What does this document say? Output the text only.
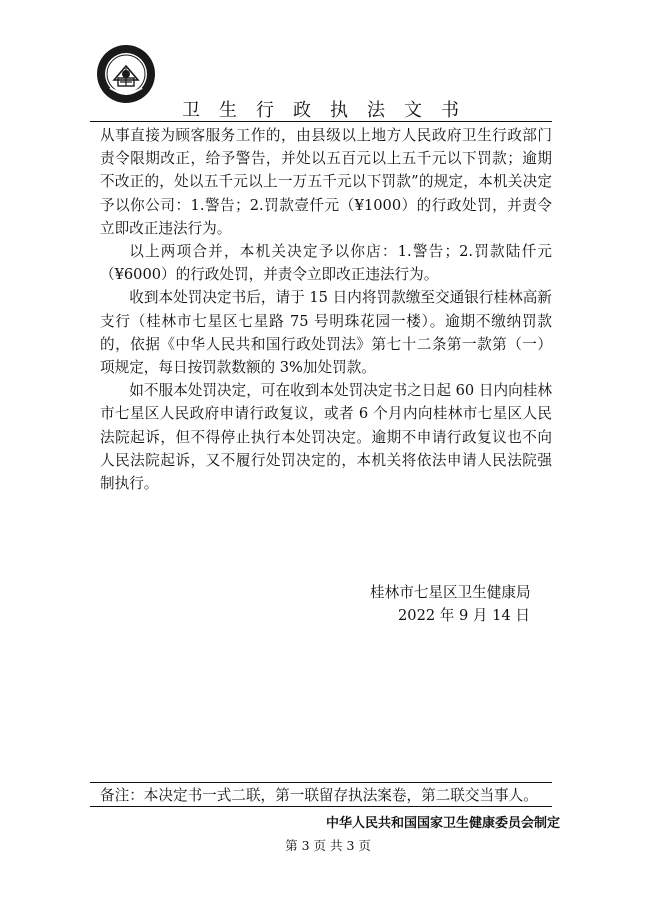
卫生行政执法文书

从事直接为顾客服务工作的，由县级以上地方人民政府卫生行政部门责令限期改正，给予警告，并处以五百元以上五千元以下罚款；逾期不改正的，处以五千元以上一万五千元以下罚款”的规定，本机关决定予以你公司：1.警告；2.罚款壹仟元（¥1000）的行政处罚，并责令立即改正违法行为。

以上两项合并，本机关决定予以你店：1.警告；2.罚款陆仟元（¥6000）的行政处罚，并责令立即改正违法行为。

收到本处罚决定书后，请于 15 日内将罚款缴至交通银行桂林高新支行（桂林市七星区七星路 75 号明珠花园一楼）。逾期不缴纳罚款的，依据《中华人民共和国行政处罚法》第七十二条第一款第（一）项规定，每日按罚款数额的 3%加处罚款。

如不服本处罚决定，可在收到本处罚决定书之日起 60 日内向桂林市七星区人民政府申请行政复议，或者 6 个月内向桂林市七星区人民法院起诉，但不得停止执行本处罚决定。逾期不申请行政复议也不向人民法院起诉，又不履行处罚决定的，本机关将依法申请人民法院强制执行。

桂林市七星区卫生健康局
2022 年 9 月 14 日
备注：本决定书一式二联，第一联留存执法案卷，第二联交当事人。
中华人民共和国国家卫生健康委员会制定
第 3 页 共 3 页
